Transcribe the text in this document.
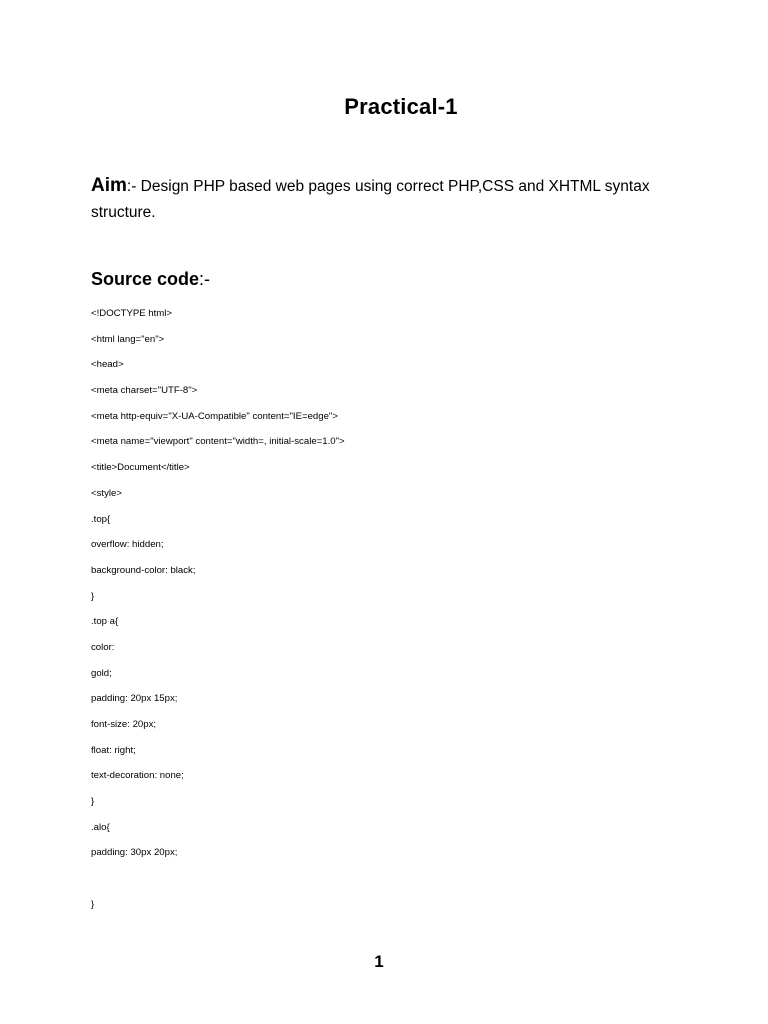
Practical-1
Aim:- Design PHP based web pages using correct PHP,CSS and XHTML syntax structure.
Source code:-
<!DOCTYPE html>
<html lang="en">
<head>
<meta charset="UTF-8">
<meta http-equiv="X-UA-Compatible" content="IE=edge">
<meta name="viewport" content="width=, initial-scale=1.0">
<title>Document</title>
<style>
.top{
overflow: hidden;
background-color: black;
}
.top a{
color:
gold;
padding: 20px 15px;
font-size: 20px;
float: right;
text-decoration: none;
}
.alo{
padding: 30px 20px;
}
1
